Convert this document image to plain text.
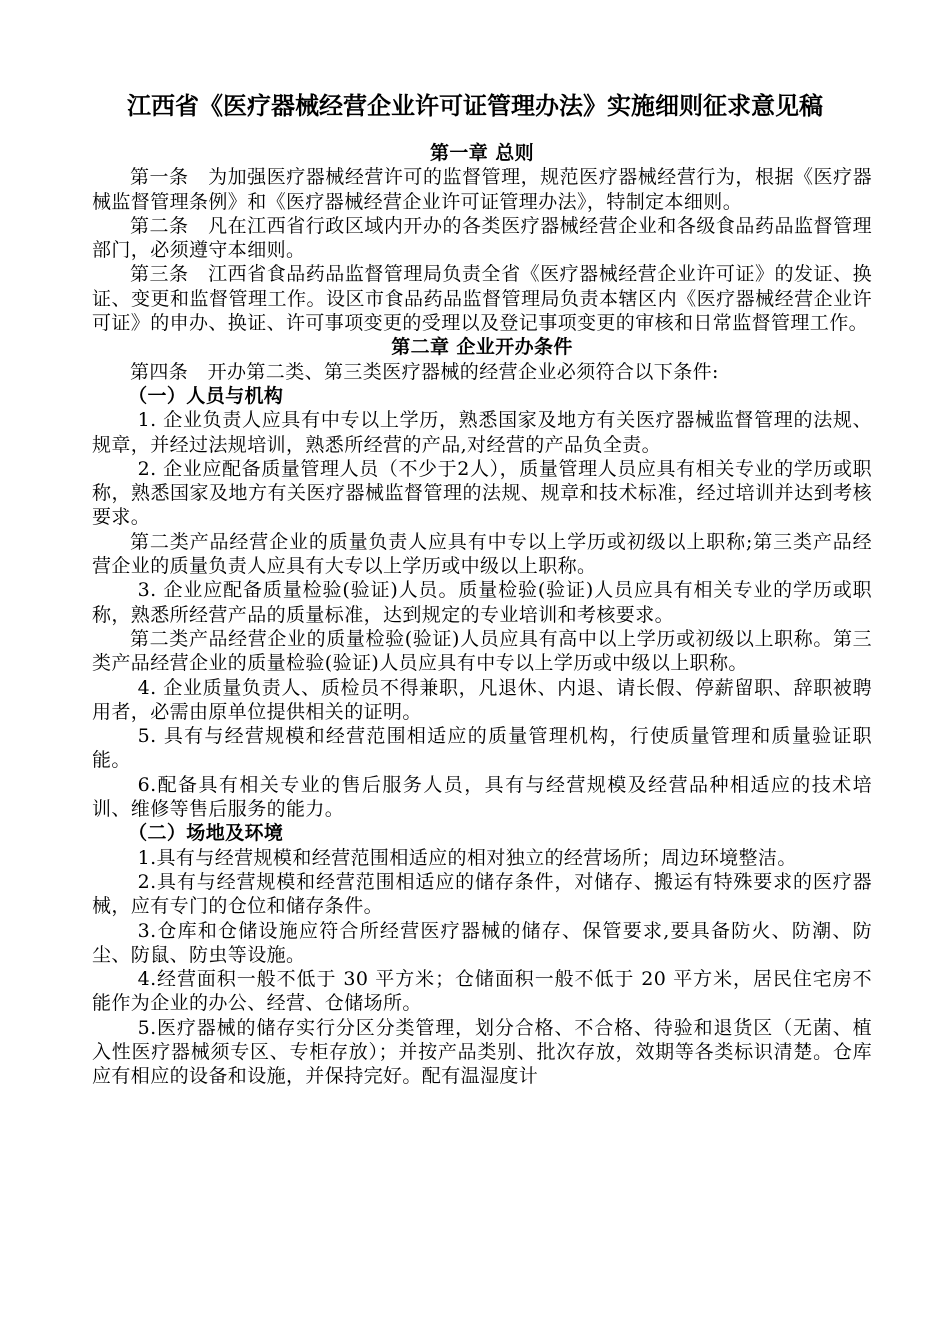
江西省《医疗器械经营企业许可证管理办法》实施细则征求意见稿

第一章 总则

第一条　为加强医疗器械经营许可的监督管理，规范医疗器械经营行为，根据《医疗器械监督管理条例》和《医疗器械经营企业许可证管理办法》，特制定本细则。

第二条　凡在江西省行政区域内开办的各类医疗器械经营企业和各级食品药品监督管理部门，必须遵守本细则。

第三条　江西省食品药品监督管理局负责全省《医疗器械经营企业许可证》的发证、换证、变更和监督管理工作。设区市食品药品监督管理局负责本辖区内《医疗器械经营企业许可证》的申办、换证、许可事项变更的受理以及登记事项变更的审核和日常监督管理工作。

第二章 企业开办条件

第四条　开办第二类、第三类医疗器械的经营企业必须符合以下条件:

（一）人员与机构

1. 企业负责人应具有中专以上学历，熟悉国家及地方有关医疗器械监督管理的法规、规章，并经过法规培训，熟悉所经营的产品,对经营的产品负全责。

2. 企业应配备质量管理人员（不少于2人），质量管理人员应具有相关专业的学历或职称，熟悉国家及地方有关医疗器械监督管理的法规、规章和技术标准，经过培训并达到考核要求。

第二类产品经营企业的质量负责人应具有中专以上学历或初级以上职称;第三类产品经营企业的质量负责人应具有大专以上学历或中级以上职称。

3. 企业应配备质量检验(验证)人员。质量检验(验证)人员应具有相关专业的学历或职称，熟悉所经营产品的质量标准，达到规定的专业培训和考核要求。

第二类产品经营企业的质量检验(验证)人员应具有高中以上学历或初级以上职称。第三类产品经营企业的质量检验(验证)人员应具有中专以上学历或中级以上职称。

4. 企业质量负责人、质检员不得兼职，凡退休、内退、请长假、停薪留职、辞职被聘用者，必需由原单位提供相关的证明。

5. 具有与经营规模和经营范围相适应的质量管理机构，行使质量管理和质量验证职能。

6.配备具有相关专业的售后服务人员，具有与经营规模及经营品种相适应的技术培训、维修等售后服务的能力。

（二）场地及环境

1.具有与经营规模和经营范围相适应的相对独立的经营场所；周边环境整洁。

2.具有与经营规模和经营范围相适应的储存条件，对储存、搬运有特殊要求的医疗器械，应有专门的仓位和储存条件。

3.仓库和仓储设施应符合所经营医疗器械的储存、保管要求,要具备防火、防潮、防尘、防鼠、防虫等设施。

4.经营面积一般不低于 30 平方米；仓储面积一般不低于 20 平方米，居民住宅房不能作为企业的办公、经营、仓储场所。

5.医疗器械的储存实行分区分类管理，划分合格、不合格、待验和退货区（无菌、植入性医疗器械须专区、专柜存放）；并按产品类别、批次存放，效期等各类标识清楚。仓库应有相应的设备和设施，并保持完好。配有温湿度计
